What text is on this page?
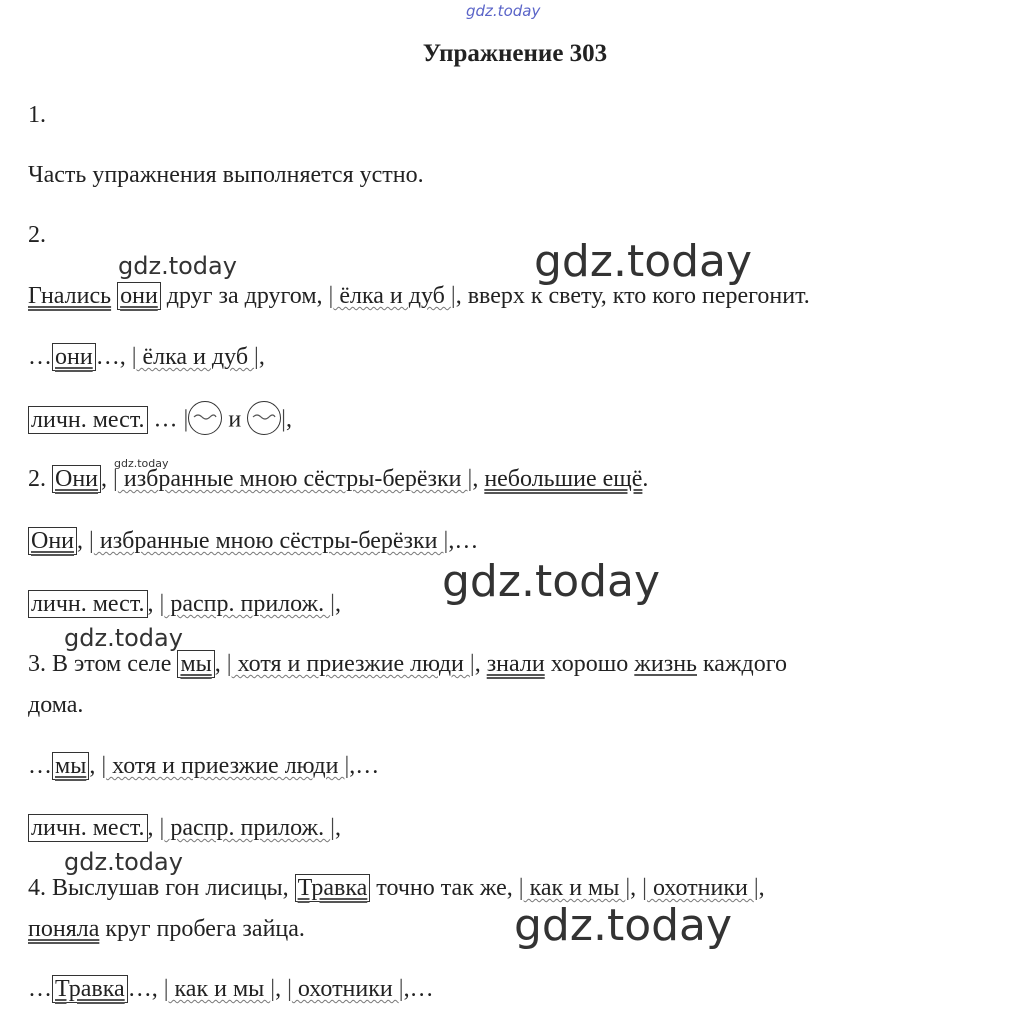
gdz.today
gdz.today	gdz.today
gdz.today
gdz.today
gdz.today
gdz.today
gdz.today
Упражнение 303
1.
Часть упражнения выполняется устно.
2.
Гнались они друг за другом, | ёлка и дуб |, вверх к свету, кто кого перегонит.
… они …, | ёлка и дуб |,
личн. мест. … |
и
|,
2. Они , | избранные мною сёстры-берёзки |, небольшие ещё.
Они , | избранные мною сёстры-берёзки |,…
личн. мест. , | распр. прилож. |,
3. В этом селе мы , | хотя и приезжие люди |, знали хорошо жизнь каждого
дома.
… мы , | хотя и приезжие люди |,…
личн. мест. , | распр. прилож. |,
4. Выслушав гон лисицы, Травка точно так же, | как и мы |, | охотники |,
поняла круг пробега зайца.
… Травка …, | как и мы |, | охотники |,…
